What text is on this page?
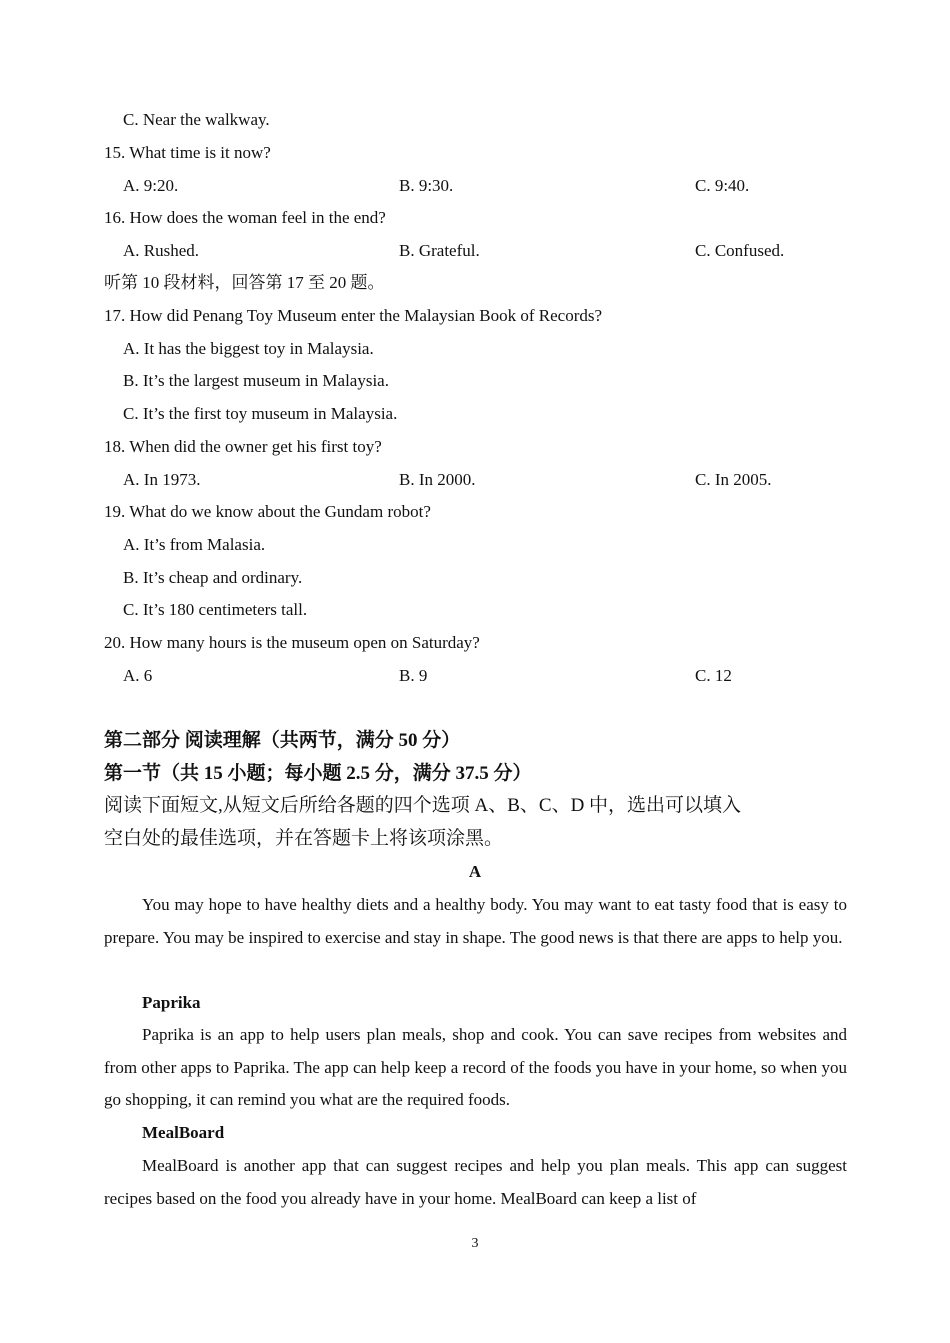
C. Near the walkway.
15. What time is it now?
A. 9:20.	B. 9:30.	C. 9:40.
16. How does the woman feel in the end?
A. Rushed.	B. Grateful.	C. Confused.
听第 10 段材料，回答第 17 至 20 题。
17. How did Penang Toy Museum enter the Malaysian Book of Records?
A. It has the biggest toy in Malaysia.
B. It’s the largest museum in Malaysia.
C. It’s the first toy museum in Malaysia.
18. When did the owner get his first toy?
A. In 1973.	B. In 2000.	C. In 2005.
19. What do we know about the Gundam robot?
A. It’s from Malasia.
B. It’s cheap and ordinary.
C. It’s 180 centimeters tall.
20. How many hours is the museum open on Saturday?
A. 6	B. 9	C. 12
第二部分 阅读理解（共两节，满分 50 分）
第一节（共 15 小题；每小题 2.5 分，满分 37.5 分）
阅读下面短文,从短文后所给各题的四个选项 A、B、C、D 中，选出可以填入
空白处的最佳选项，并在答题卡上将该项涂黑。
A
You may hope to have healthy diets and a healthy body. You may want to eat tasty food that is easy to prepare. You may be inspired to exercise and stay in shape. The good news is that there are apps to help you.
Paprika
Paprika is an app to help users plan meals, shop and cook. You can save recipes from websites and from other apps to Paprika. The app can help keep a record of the foods you have in your home, so when you go shopping, it can remind you what are the required foods.
MealBoard
MealBoard is another app that can suggest recipes and help you plan meals. This app can suggest recipes based on the food you already have in your home. MealBoard can keep a list of
3
